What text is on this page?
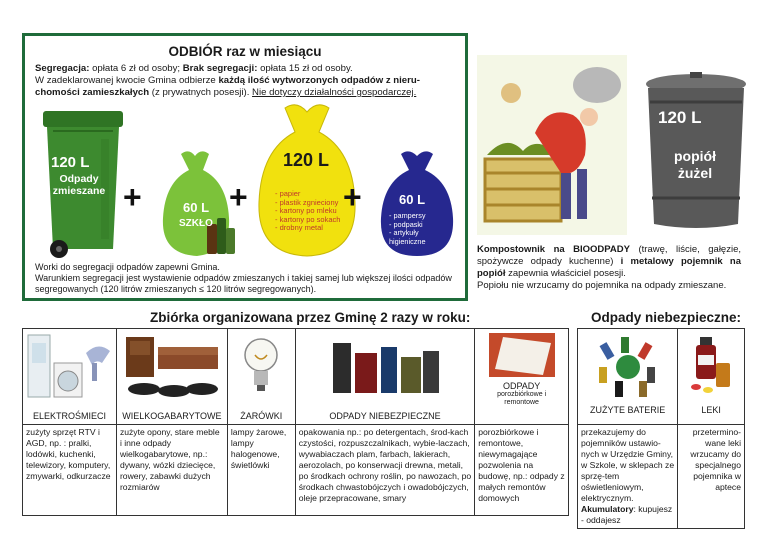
ODBIÓR raz w miesiącu
Segregacja: opłata 6 zł od osoby; Brak segregacji: opłata 15 zł od osoby.
W zadeklarowanej kwocie Gmina odbierze każdą ilość wytworzonych odpadów z nieru-chomości zamieszkałych (z prywatnych posesji). Nie dotyczy działalności gospodarczej.
120 L
Odpady zmieszane +	60 L
SZKŁO
+
120 L
- papier
- plastik zgnieciony
- kartony po mleku
- kartony po sokach
- drobny metal
+	60 L
- pampersy
- podpaski
- artykuły higieniczne
Worki do segregacji odpadów zapewni Gmina.
Warunkiem segregacji jest wystawienie odpadów zmieszanych i takiej samej lub większej ilości odpadów segregowanych (120 litrów zmieszanych ≤ 120 litrów segregowanych).
120 L
popiół żużel
Kompostownik na BIOODPADY (trawę, liście, gałęzie, spożywcze odpady kuchenne) i metalowy pojemnik na popiół zapewnia właściciel posesji.
Popiołu nie wrzucamy do pojemnika na odpady zmieszane.
Zbiórka organizowana przez Gminę 2 razy w roku:
ELEKTROŚMIECI	WIELKOGABARYTOWE	ŻARÓWKI	ODPADY NIEBEZPIECZNE	ODPADY
porozbiórkowe i remontowe

zużyty sprzęt RTV i AGD, np. : pralki, lodówki, kuchenki, telewizory, komputery, zmywarki, odkurzacze	zużyte opony, stare meble i inne odpady wielkogabarytowe, np.: dywany, wózki dziecięce, rowery, zabawki dużych rozmiarów	lampy żarowe, lampy halogenowe, świetlówki	opakowania np.: po detergentach, środ-kach czystości, rozpuszczalnikach, wybie-laczach, wywabiaczach plam, farbach, lakierach, aerozolach, po konserwacji drewna, metali, po środkach ochrony roślin, po nawozach, po środkach chwastobójczych i owadobójczych, oleje przepracowane, smary	porozbiórkowe i remontowe, niewymagające pozwolenia na budowę, np.: odpady z małych remontów domowych
Odpady niebezpieczne:
ZUŻYTE BATERIE	LEKI

przekazujemy do pojemników ustawio-nych w Urzędzie Gminy, w Szkole, w sklepach ze sprzę-tem oświetleniowym, elektrycznym. Akumulatory: kupujesz - oddajesz	przetermino-wane leki wrzucamy do specjalnego pojemnika w aptece
